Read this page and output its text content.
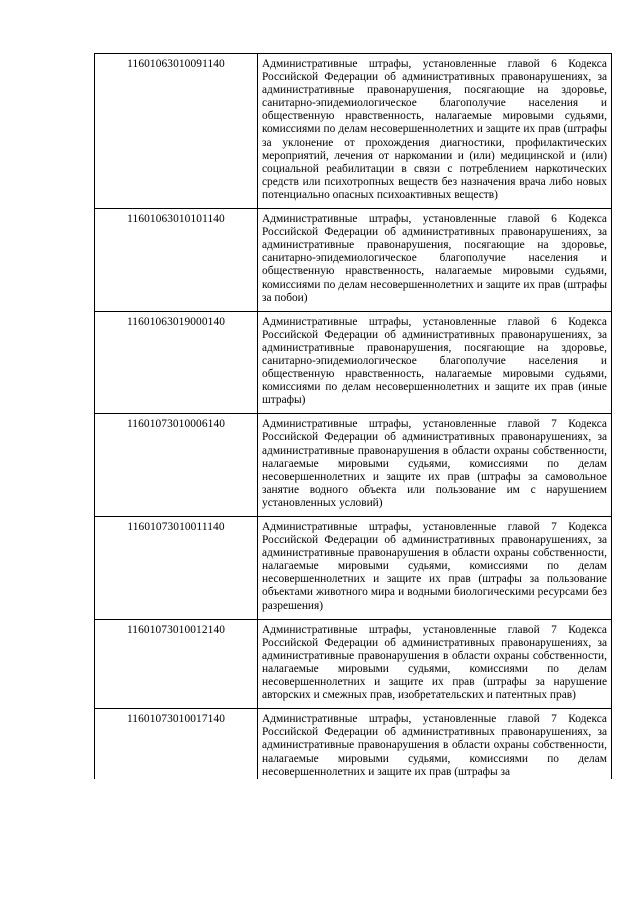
11601063010091140	Административные штрафы, установленные главой 6 Кодекса Российской Федерации об административных правонарушениях, за административные правонарушения, посягающие на здоровье, санитарно-эпидемиологическое благополучие населения и общественную нравственность, налагаемые мировыми судьями, комиссиями по делам несовершеннолетних и защите их прав (штрафы за уклонение от прохождения диагностики, профилактических мероприятий, лечения от наркомании и (или) медицинской и (или) социальной реабилитации в связи с потреблением наркотических средств или психотропных веществ без назначения врача либо новых потенциально опасных психоактивных веществ)
11601063010101140	Административные штрафы, установленные главой 6 Кодекса Российской Федерации об административных правонарушениях, за административные правонарушения, посягающие на здоровье, санитарно-эпидемиологическое благополучие населения и общественную нравственность, налагаемые мировыми судьями, комиссиями по делам несовершеннолетних и защите их прав (штрафы за побои)
11601063019000140	Административные штрафы, установленные главой 6 Кодекса Российской Федерации об административных правонарушениях, за административные правонарушения, посягающие на здоровье, санитарно-эпидемиологическое благополучие населения и общественную нравственность, налагаемые мировыми судьями, комиссиями по делам несовершеннолетних и защите их прав (иные штрафы)
11601073010006140	Административные штрафы, установленные главой 7 Кодекса Российской Федерации об административных правонарушениях, за административные правонарушения в области охраны собственности, налагаемые мировыми судьями, комиссиями по делам несовершеннолетних и защите их прав (штрафы за самовольное занятие водного объекта или пользование им с нарушением установленных условий)
11601073010011140	Административные штрафы, установленные главой 7 Кодекса Российской Федерации об административных правонарушениях, за административные правонарушения в области охраны собственности, налагаемые мировыми судьями, комиссиями по делам несовершеннолетних и защите их прав (штрафы за пользование объектами животного мира и водными биологическими ресурсами без разрешения)
11601073010012140	Административные штрафы, установленные главой 7 Кодекса Российской Федерации об административных правонарушениях, за административные правонарушения в области охраны собственности, налагаемые мировыми судьями, комиссиями по делам несовершеннолетних и защите их прав (штрафы за нарушение авторских и смежных прав, изобретательских и патентных прав)
11601073010017140	Административные штрафы, установленные главой 7 Кодекса Российской Федерации об административных правонарушениях, за административные правонарушения в области охраны собственности, налагаемые мировыми судьями, комиссиями по делам несовершеннолетних и защите их прав (штрафы за
